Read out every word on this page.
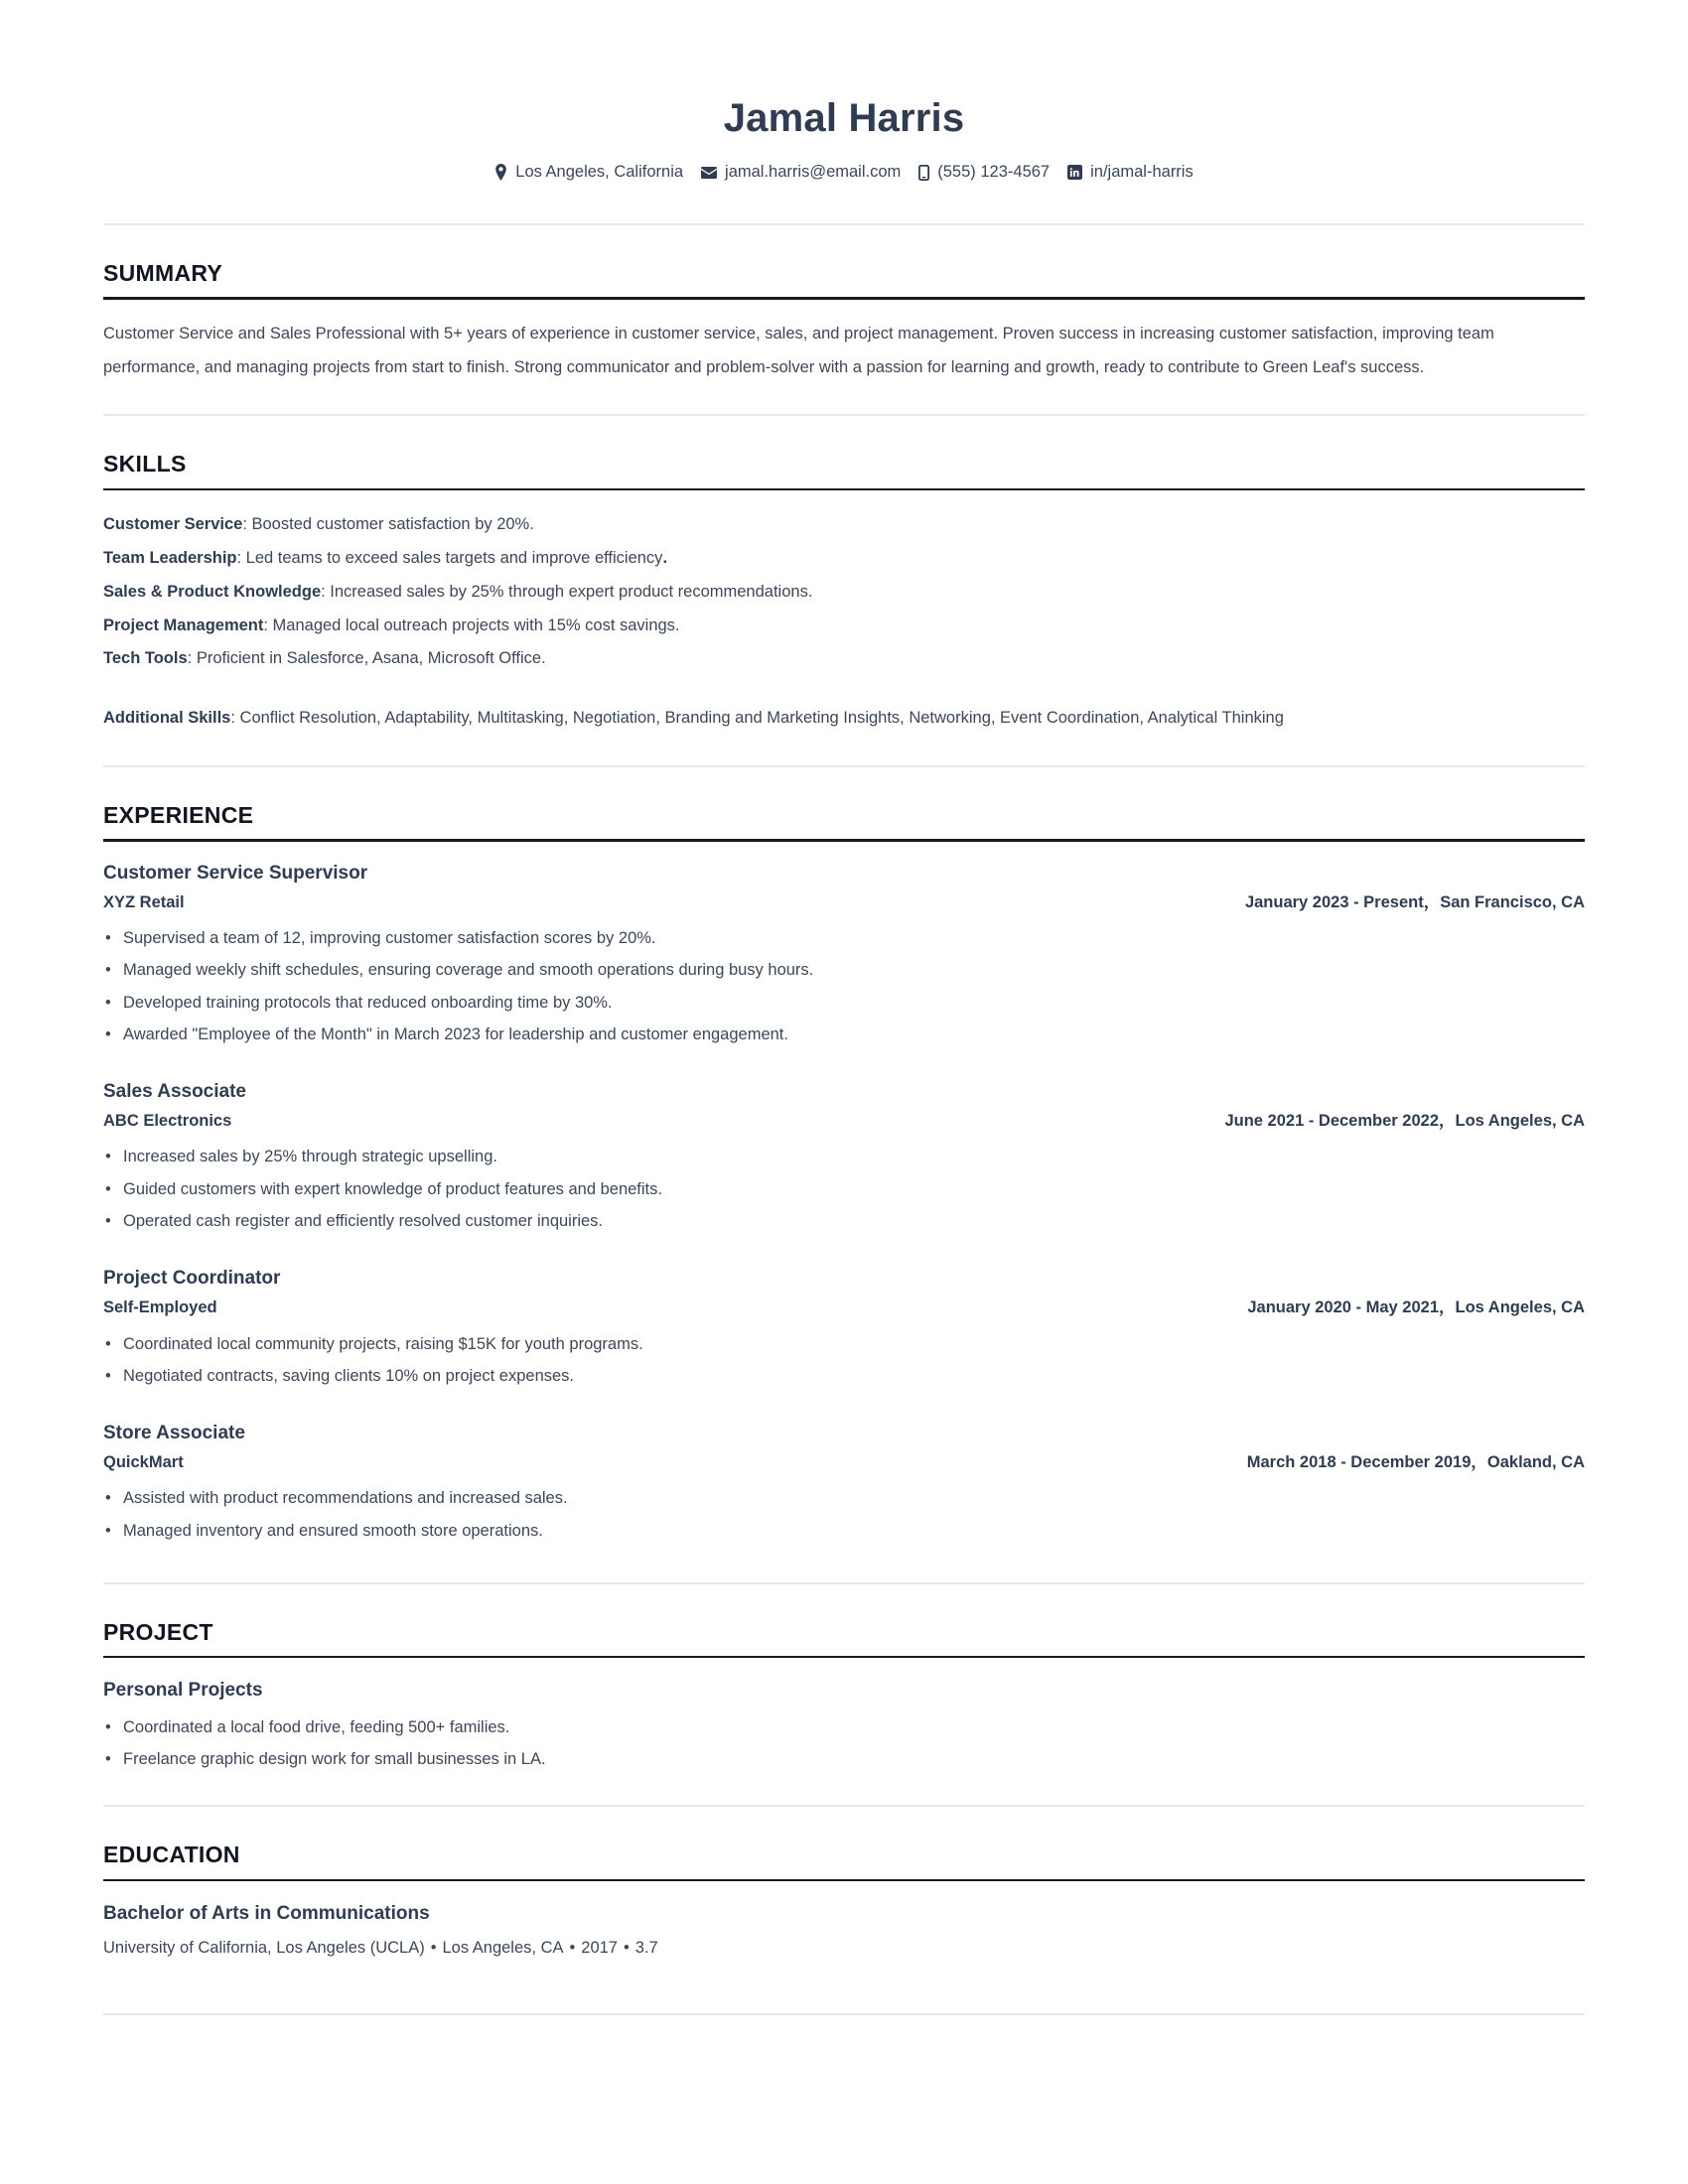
Jamal Harris
Los Angeles, California	jamal.harris@email.com (555) 123-4567 in/jamal-harris
SUMMARY

Customer Service and Sales Professional with 5+ years of experience in customer service, sales, and project management. Proven success in increasing customer satisfaction, improving team performance, and managing projects from start to finish. Strong communicator and problem-solver with a passion for learning and growth, ready to contribute to Green Leaf's success.

SKILLS
Customer Service: Boosted customer satisfaction by 20%.
Team Leadership: Led teams to exceed sales targets and improve efficiency.
Sales & Product Knowledge: Increased sales by 25% through expert product recommendations.
Project Management: Managed local outreach projects with 15% cost savings.
Tech Tools: Proficient in Salesforce, Asana, Microsoft Office.
Additional Skills: Conflict Resolution, Adaptability, Multitasking, Negotiation, Branding and Marketing Insights, Networking, Event Coordination, Analytical Thinking
EXPERIENCE
Customer Service Supervisor
XYZ Retail	January 2023 - Present，San Francisco, CA
• Supervised a team of 12, improving customer satisfaction scores by 20%.
• Managed weekly shift schedules, ensuring coverage and smooth operations during busy hours.
• Developed training protocols that reduced onboarding time by 30%.
• Awarded "Employee of the Month" in March 2023 for leadership and customer engagement.
Sales Associate
ABC Electronics	June 2021 - December 2022，Los Angeles, CA
• Increased sales by 25% through strategic upselling.
• Guided customers with expert knowledge of product features and benefits.
• Operated cash register and efficiently resolved customer inquiries.
Project Coordinator
Self-Employed	January 2020 - May 2021，Los Angeles, CA
• Coordinated local community projects, raising $15K for youth programs.
• Negotiated contracts, saving clients 10% on project expenses.
Store Associate
QuickMart	March 2018 - December 2019，Oakland, CA
• Assisted with product recommendations and increased sales.
• Managed inventory and ensured smooth store operations.
PROJECT
Personal Projects
• Coordinated a local food drive, feeding 500+ families.
• Freelance graphic design work for small businesses in LA.
EDUCATION
Bachelor of Arts in Communications
University of California, Los Angeles (UCLA) • Los Angeles, CA • 2017 • 3.7
